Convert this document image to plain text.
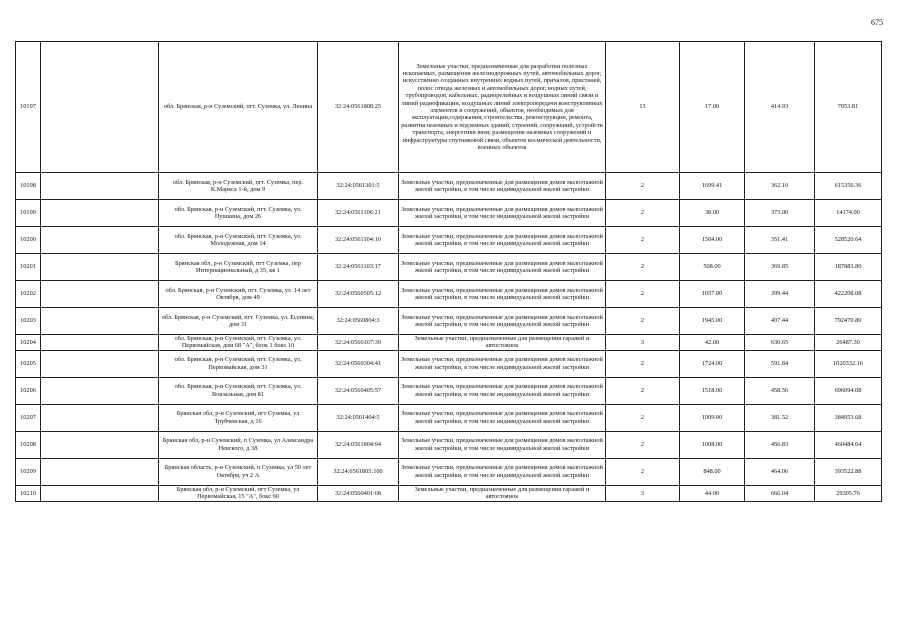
675
10197		обл. Брянская, р-н Суземский, пгт. Суземка, ул. Ленина	32:24:0561808:25	Земельные участки, предназначенные для разработки полезных ископаемых, размещения железнодорожных путей, автомобильных дорог, искусственно созданных внутренних водных путей, причалов, пристаней, полос отвода железных и автомобильных дорог, водных путей, трубопроводов, кабельных, радиорелейных и воздушных линий связи и линий радиофикации, воздушных линий электропередачи конструктивных элементов и сооружений, объектов, необходимых для эксплуатации,содержания, строительства, реконструкции, ремонта, развития наземных и подземных зданий, строений, сооружений, устройств транспорта, энергетики вязи; размещения наземных сооружений и инфраструктуры спутниковой связи, объектов космической деятельности, военных объектов	13	17.00	414.93	7053.81
10198		обл. Брянская, р-н Суземский, пгт. Суземка, пер. К.Маркса 1-й, дом 9	32:24:0561301:5	Земельные участки, предназначенные для размещения домов малоэтажной жилой застройки, в том числе индивидуальной жилой застройки	2	1699.41	362.10	615356.36
10199		обл. Брянская, р-н Суземский, пгт. Суземка, ул. Пушкина, дом 26	32:24:0561106:21	Земельные участки, предназначенные для размещения домов малоэтажной жилой застройки, в том числе индивидуальной жилой застройки	2	38.00	373.00	14174.00
10200		обл. Брянская, р-н Суземский, пгт. Суземка, ул. Молодежная, дом 14	32:24:0561104:10	Земельные участки, предназначенные для размещения домов малоэтажной жилой застройки, в том числе индивидуальной жилой застройки	2	1504.00	351.41	528520.64
10201		Брянская обл, р-н Суземский, пгт Суземка, пер Интернациональный, д 35, кв 1	32:24:0561103:17	Земельные участки, предназначенные для размещения домов малоэтажной жилой застройки, в том числе индивидуальной жилой застройки	2	508.00	369.85	187883.80
10202		обл. Брянская, р-н Суземский, пгт. Суземка, ул. 14 лет Октября, дом 49	32:24:0560505:12	Земельные участки, предназначенные для размещения домов малоэтажной жилой застройки, в том числе индивидуальной жилой застройки	2	1057.00	399.44	422208.08
10203		обл. Брянская, р-н Суземский, пгт. Суземка, ул. Есенина, дом 31	32:24:0560804:3	Земельные участки, предназначенные для размещения домов малоэтажной жилой застройки, в том числе индивидуальной жилой застройки	2	1945.00	407.44	792470.80
10204		обл. Брянская, р-н Суземский, пгт. Суземка, ул. Первомайская, дом 68 "А", блок 1 бокс 10	32:24:0560107:39	Земельные участки, предназначенные для размещения гаражей и автостоянок	3	42.00	630.65	26487.30
10205		обл. Брянская, р-н Суземский, пгт. Суземка, ул. Первомайская, дом 31	32:24:0560304:41	Земельные участки, предназначенные для размещения домов малоэтажной жилой застройки, в том числе индивидуальной жилой застройки	2	1724.00	591.84	1020332.16
10206		обл. Брянская, р-н Суземский, пгт. Суземка, ул. Вокзальная, дом 81	32:24:0560405:57	Земельные участки, предназначенные для размещения домов малоэтажной жилой застройки, в том числе индивидуальной жилой застройки	2	1518.00	458.56	696094.08
10207		Брянская обл, р-н Суземский, пгт Суземка, ул Трубчевская, д 16	32:24:0561404:5	Земельные участки, предназначенные для размещения домов малоэтажной жилой застройки, в том числе индивидуальной жилой застройки	2	1009.00	381.52	384953.68
10208		Брянская обл, р-н Суземский, п Суземка, ул Александра Невского, д 38	32:24:0561804:94	Земельные участки, предназначенные для размещения домов малоэтажной жилой застройки, в том числе индивидуальной жилой застройки	2	1008.00	456.83	460484.64
10209		Брянская область, р-н Суземский, п Суземка, ул 50 лет Октября, уч 2 А	32:24:0561805:100	Земельные участки, предназначенные для размещения домов малоэтажной жилой застройки, в том числе индивидуальной жилой застройки	2	848.00	464.06	393522.88
10210		Брянская обл, р-н Суземский, пгт Суземка, ул Первомайская, 15 "А", бокс 90	32:24:0560401:68	Земельные участки, предназначенные для размещения гаражей и автостоянок	3	44.00	666.04	29305.76
